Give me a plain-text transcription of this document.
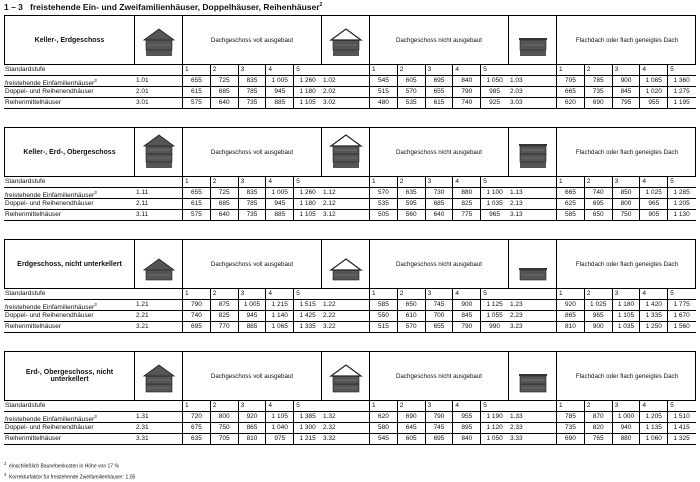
1 – 3 freistehende Ein- und Zweifamilienhäuser, Doppelhäuser, Reihenhäuser$^2$
Keller-, Erdgeschoss	Dachgeschoss voll ausgebaut	Dachgeschoss nicht ausgebaut	Flachdach oder flach geneigtes Dach
Standardstufe	1	2	3	4	5	1	2	3	4	5	1	2	3	4	5
freistehende Einfamilienhäuser$^3$	1.01	655	725	835	1 005	1 260	1.02	545	605	695	840	1 050	1.03	705	785	900	1 085	1 360
Doppel- und Reihenendhäuser	2.01	615	685	785	945	1 180	2.02	515	570	655	790	985	2.03	665	735	845	1 020	1 275
Reihenmittelhäuser	3.01	575	640	735	885	1 105	3.02	480	535	615	740	925	3.03	620	690	795	955	1 195
Keller-, Erd-, Obergeschoss	Dachgeschoss voll ausgebaut	Dachgeschoss nicht ausgebaut	Flachdach oder flach geneigtes Dach
Standardstufe	1	2	3	4	5	1	2	3	4	5	1	2	3	4	5
freistehende Einfamilienhäuser$^3$	1.11	655	725	835	1 005	1 260	1.12	570	635	730	880	1 100	1.13	665	740	850	1 025	1 285
Doppel- und Reihenendhäuser	2.11	615	685	785	945	1 180	2.12	535	595	685	825	1 035	2.13	625	695	800	965	1 205
Reihenmittelhäuser	3.11	575	640	735	885	1 105	3.12	505	560	640	775	965	3.13	585	650	750	905	1 130
Erdgeschoss, nicht unterkellert	Dachgeschoss voll ausgebaut	Dachgeschoss nicht ausgebaut	Flachdach oder flach geneigtes Dach
Standardstufe	1	2	3	4	5	1	2	3	4	5	1	2	3	4	5
freistehende Einfamilienhäuser$^3$	1.21	790	875	1 005	1 215	1 515	1.22	585	650	745	900	1 125	1.23	920	1 025	1 180	1 420	1 775
Doppel- und Reihenendhäuser	2.21	740	825	945	1 140	1 425	2.22	550	610	700	845	1 055	2.23	865	965	1 105	1 335	1 670
Reihenmittelhäuser	3.21	695	770	885	1 065	1 335	3.22	515	570	655	790	990	3.23	810	900	1 035	1 250	1 560
Erd-, Obergeschoss, nicht unterkellert	Dachgeschoss voll ausgebaut	Dachgeschoss nicht ausgebaut	Flachdach oder flach geneigtes Dach
Standardstufe	1	2	3	4	5	1	2	3	4	5	1	2	3	4	5
freistehende Einfamilienhäuser$^3$	1.31	720	800	920	1 105	1 385	1.32	620	690	790	955	1 190	1.33	785	870	1 000	1 205	1 510
Doppel- und Reihenendhäuser	2.31	675	750	865	1 040	1 300	2.32	580	645	745	895	1 120	2.33	735	820	940	1 135	1 415
Reihenmittelhäuser	3.31	635	705	810	975	1 215	3.32	545	605	695	840	1 050	3.33	690	765	880	1 060	1 325
$^2$  einschließlich Baunebenkosten in Höhe von 17 %
$^3$  Korrekturfaktor für freistehende Zweifamilienhäuser: 1,05
